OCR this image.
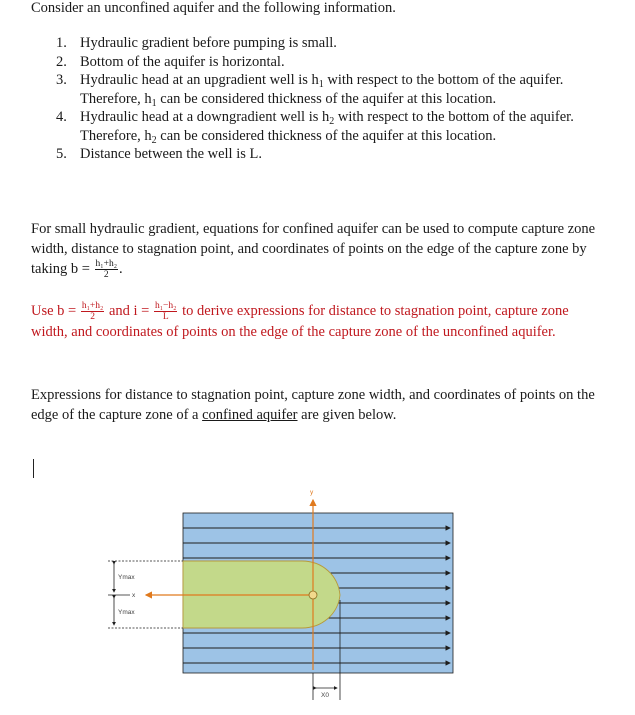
Consider an unconfined aquifer and the following information.
1. Hydraulic gradient before pumping is small.
2. Bottom of the aquifer is horizontal.
3. Hydraulic head at an upgradient well is $h_1$ with respect to the bottom of the aquifer. Therefore, $h_1$ can be considered thickness of the aquifer at this location.
4. Hydraulic head at a downgradient well is $h_2$ with respect to the bottom of the aquifer. Therefore, $h_2$ can be considered thickness of the aquifer at this location.
5. Distance between the well is L.
For small hydraulic gradient, equations for confined aquifer can be used to compute capture zone width, distance to stagnation point, and coordinates of points on the edge of the capture zone by taking $b = \frac{\text{h₁+h₂}}{2}$ .
Use $b = \frac{\text{h₁+h₂}}{2}$ and $i = \frac{\text{h₁−h₂}}{L}$ to derive expressions for distance to stagnation point, capture zone width, and coordinates of points on the edge of the capture zone of the unconfined aquifer.
Expressions for distance to stagnation point, capture zone width, and coordinates of points on the edge of the capture zone of a confined aquifer are given below.
y
x
X0
Ymax
Ymax
